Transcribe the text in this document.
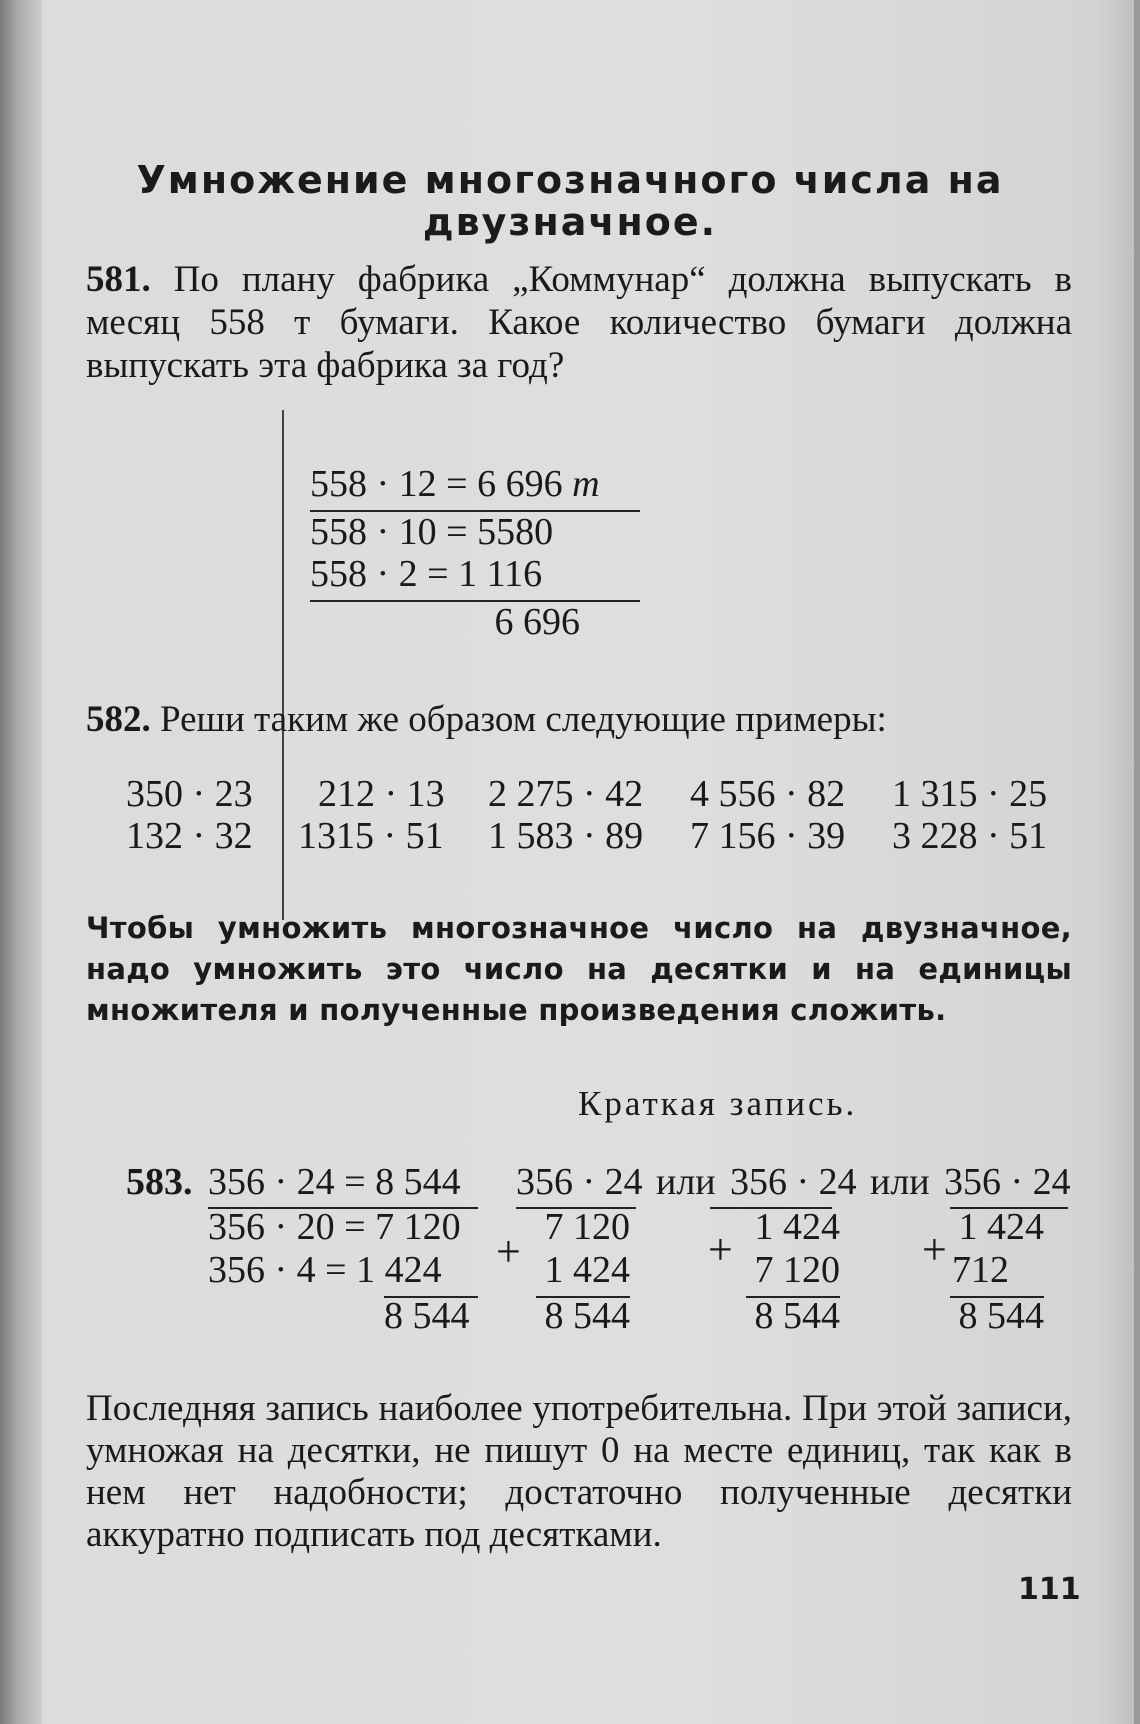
Умножение многозначного числа на
двузначное.
581. По плану фабрика „Коммунар“ должна выпускать в месяц 558 т бумаги. Какое количество бумаги должна выпускать эта фабрика за год?
558 · 12 = 6 696 т
558 · 10 = 5580
558 · 2 = 1 116
6 696
582. Реши таким же образом следующие примеры:
350 · 23 212 · 13 2 275 · 42 4 556 · 82 1 315 · 25
132 · 32 1315 · 51 1 583 · 89 7 156 · 39 3 228 · 51
Чтобы умножить многозначное число на двузначное, надо умножить это число на десятки и на единицы множителя и полученные произведения сложить.
Краткая запись.
583. 356 · 24 = 8 544
356 · 20 = 7 120
356 · 4 = 1 424
8 544
356 · 24
7 120
+ 1 424
8 544
или 356 · 24
1 424
+ 7 120
8 544
или 356 · 24
1 424
+ 712
8 544
Последняя запись наиболее употребительна. При этой записи, умножая на десятки, не пишут 0 на месте единиц, так как в нем нет надобности; достаточно полученные десятки аккуратно подписать под десятками.
111
